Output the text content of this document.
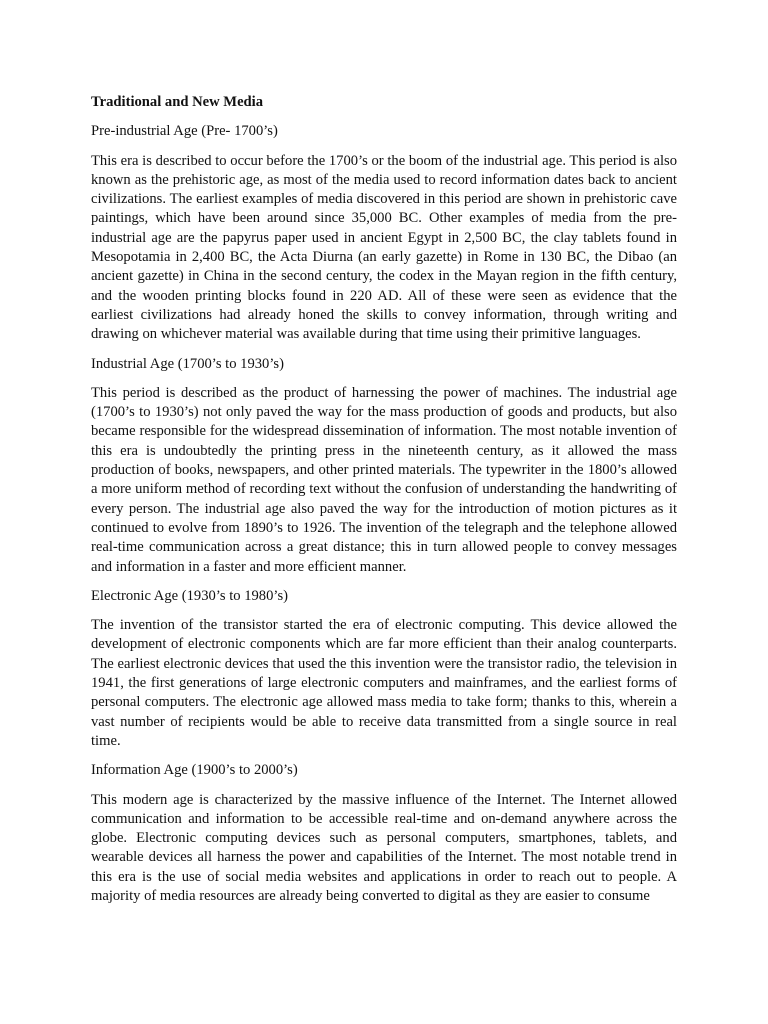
Traditional and New Media
Pre-industrial Age (Pre- 1700’s)

This era is described to occur before the 1700’s or the boom of the industrial age. This period is also known as the prehistoric age, as most of the media used to record information dates back to ancient civilizations. The earliest examples of media discovered in this period are shown in prehistoric cave paintings, which have been around since 35,000 BC. Other examples of media from the pre-industrial age are the papyrus paper used in ancient Egypt in 2,500 BC, the clay tablets found in Mesopotamia in 2,400 BC, the Acta Diurna (an early gazette) in Rome in 130 BC, the Dibao (an ancient gazette) in China in the second century, the codex in the Mayan region in the fifth century, and the wooden printing blocks found in 220 AD. All of these were seen as evidence that the earliest civilizations had already honed the skills to convey information, through writing and drawing on whichever material was available during that time using their primitive languages.

Industrial Age (1700’s to 1930’s)

This period is described as the product of harnessing the power of machines. The industrial age (1700’s to 1930’s) not only paved the way for the mass production of goods and products, but also became responsible for the widespread dissemination of information. The most notable invention of this era is undoubtedly the printing press in the nineteenth century, as it allowed the mass production of books, newspapers, and other printed materials. The typewriter in the 1800’s allowed a more uniform method of recording text without the confusion of understanding the handwriting of every person. The industrial age also paved the way for the introduction of motion pictures as it continued to evolve from 1890’s to 1926. The invention of the telegraph and the telephone allowed real-time communication across a great distance; this in turn allowed people to convey messages and information in a faster and more efficient manner.

Electronic Age (1930’s to 1980’s)

The invention of the transistor started the era of electronic computing. This device allowed the development of electronic components which are far more efficient than their analog counterparts. The earliest electronic devices that used the this invention were the transistor radio, the television in 1941, the first generations of large electronic computers and mainframes, and the earliest forms of personal computers. The electronic age allowed mass media to take form; thanks to this, wherein a vast number of recipients would be able to receive data transmitted from a single source in real time.

Information Age (1900’s to 2000’s)

This modern age is characterized by the massive influence of the Internet. The Internet allowed communication and information to be accessible real-time and on-demand anywhere across the globe. Electronic computing devices such as personal computers, smartphones, tablets, and wearable devices all harness the power and capabilities of the Internet. The most notable trend in this era is the use of social media websites and applications in order to reach out to people. A majority of media resources are already being converted to digital as they are easier to consume
